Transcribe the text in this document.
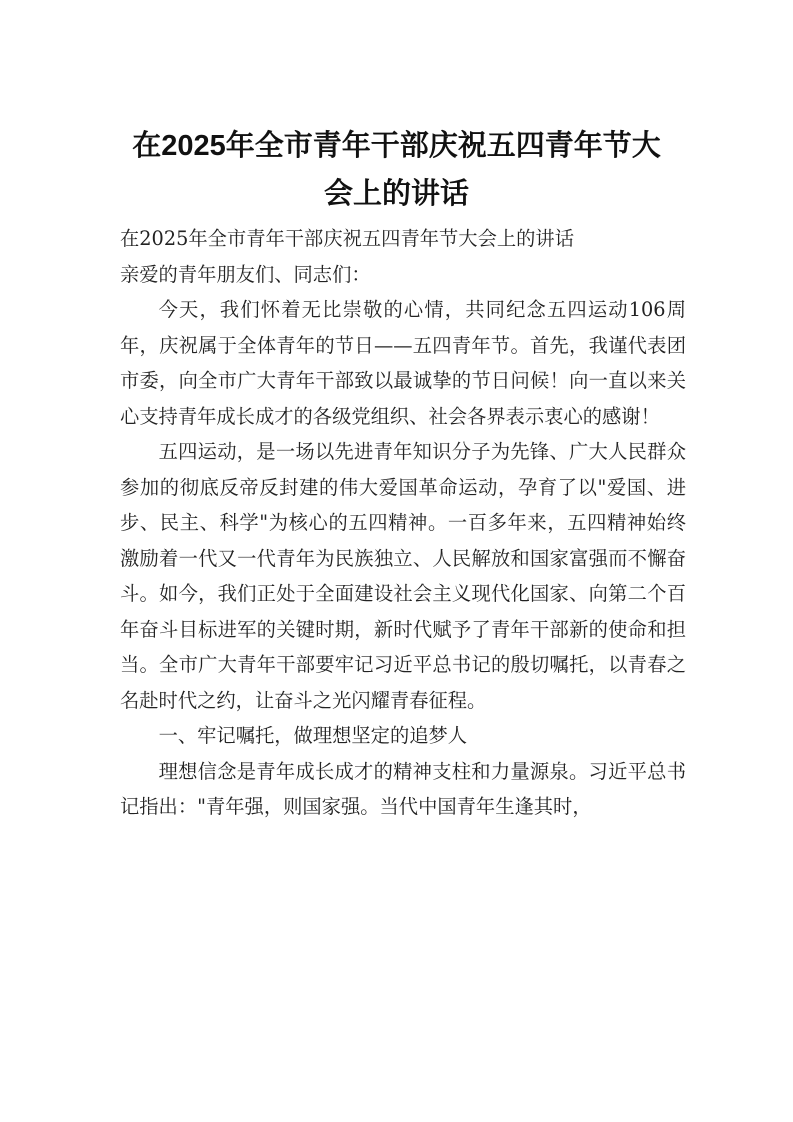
在2025年全市青年干部庆祝五四青年节大
会上的讲话

在2025年全市青年干部庆祝五四青年节大会上的讲话

亲爱的青年朋友们、同志们：

今天，我们怀着无比崇敬的心情，共同纪念五四运动106周年，庆祝属于全体青年的节日——五四青年节。首先，我谨代表团市委，向全市广大青年干部致以最诚挚的节日问候！向一直以来关心支持青年成长成才的各级党组织、社会各界表示衷心的感谢！

五四运动，是一场以先进青年知识分子为先锋、广大人民群众参加的彻底反帝反封建的伟大爱国革命运动，孕育了以"爱国、进步、民主、科学"为核心的五四精神。一百多年来，五四精神始终激励着一代又一代青年为民族独立、人民解放和国家富强而不懈奋斗。如今，我们正处于全面建设社会主义现代化国家、向第二个百年奋斗目标进军的关键时期，新时代赋予了青年干部新的使命和担当。全市广大青年干部要牢记习近平总书记的殷切嘱托，以青春之名赴时代之约，让奋斗之光闪耀青春征程。

一、牢记嘱托，做理想坚定的追梦人

理想信念是青年成长成才的精神支柱和力量源泉。习近平总书记指出："青年强，则国家强。当代中国青年生逢其时，
